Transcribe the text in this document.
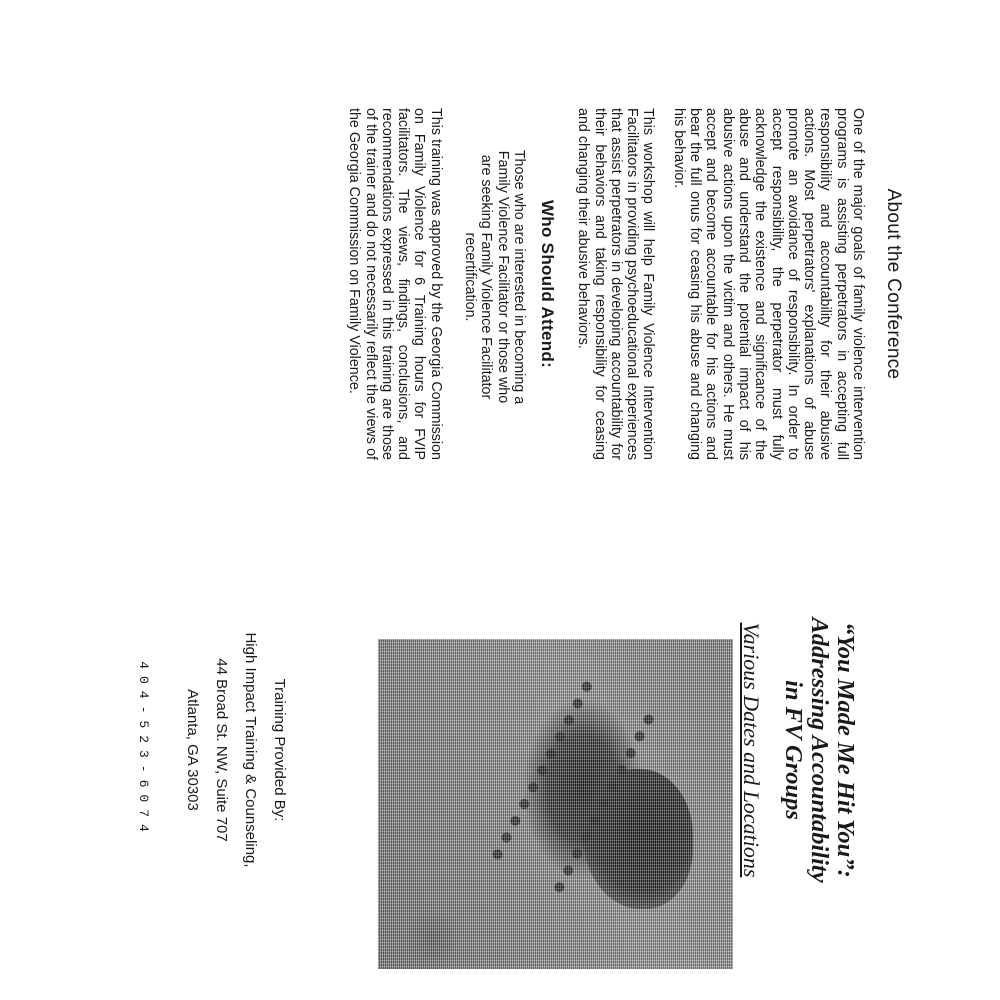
About the Conference

One of the major goals of family violence intervention programs is assisting perpetrators in accepting full responsibility and accountability for their abusive actions. Most perpetrators' explanations of abuse promote an avoidance of responsibility. In order to accept responsibility, the perpetrator must fully acknowledge the existence and significance of the abuse and understand the potential impact of his abusive actions upon the victim and others. He must accept and become accountable for his actions and bear the full onus for ceasing his abuse and changing his behavior.

This workshop will help Family Violence Intervention Facilitators in providing psychoeducational experiences that assist perpetrators in developing accountability for their behaviors and taking responsibility for ceasing and changing their abusive behaviors.

Who Should Attend:

Those who are interested in becoming a Family Violence Facilitator or those who are seeking Family Violence Facilitator recertification.

This training was approved by the Georgia Commission on Family Violence for 6 Training hours for FVIP facilitators. The views, findings, conclusions, and recommendations expressed in this training are those of the trainer and do not necessarily reflect the views of the Georgia Commission on Family Violence.

“You Made Me Hit You”:
Addressing Accountability
in FV Groups

Various Dates and Locations

Training Provided By:
High Impact Training & Counseling,
44 Broad St. NW, Suite 707
Atlanta, GA 30303
404-523-6074
